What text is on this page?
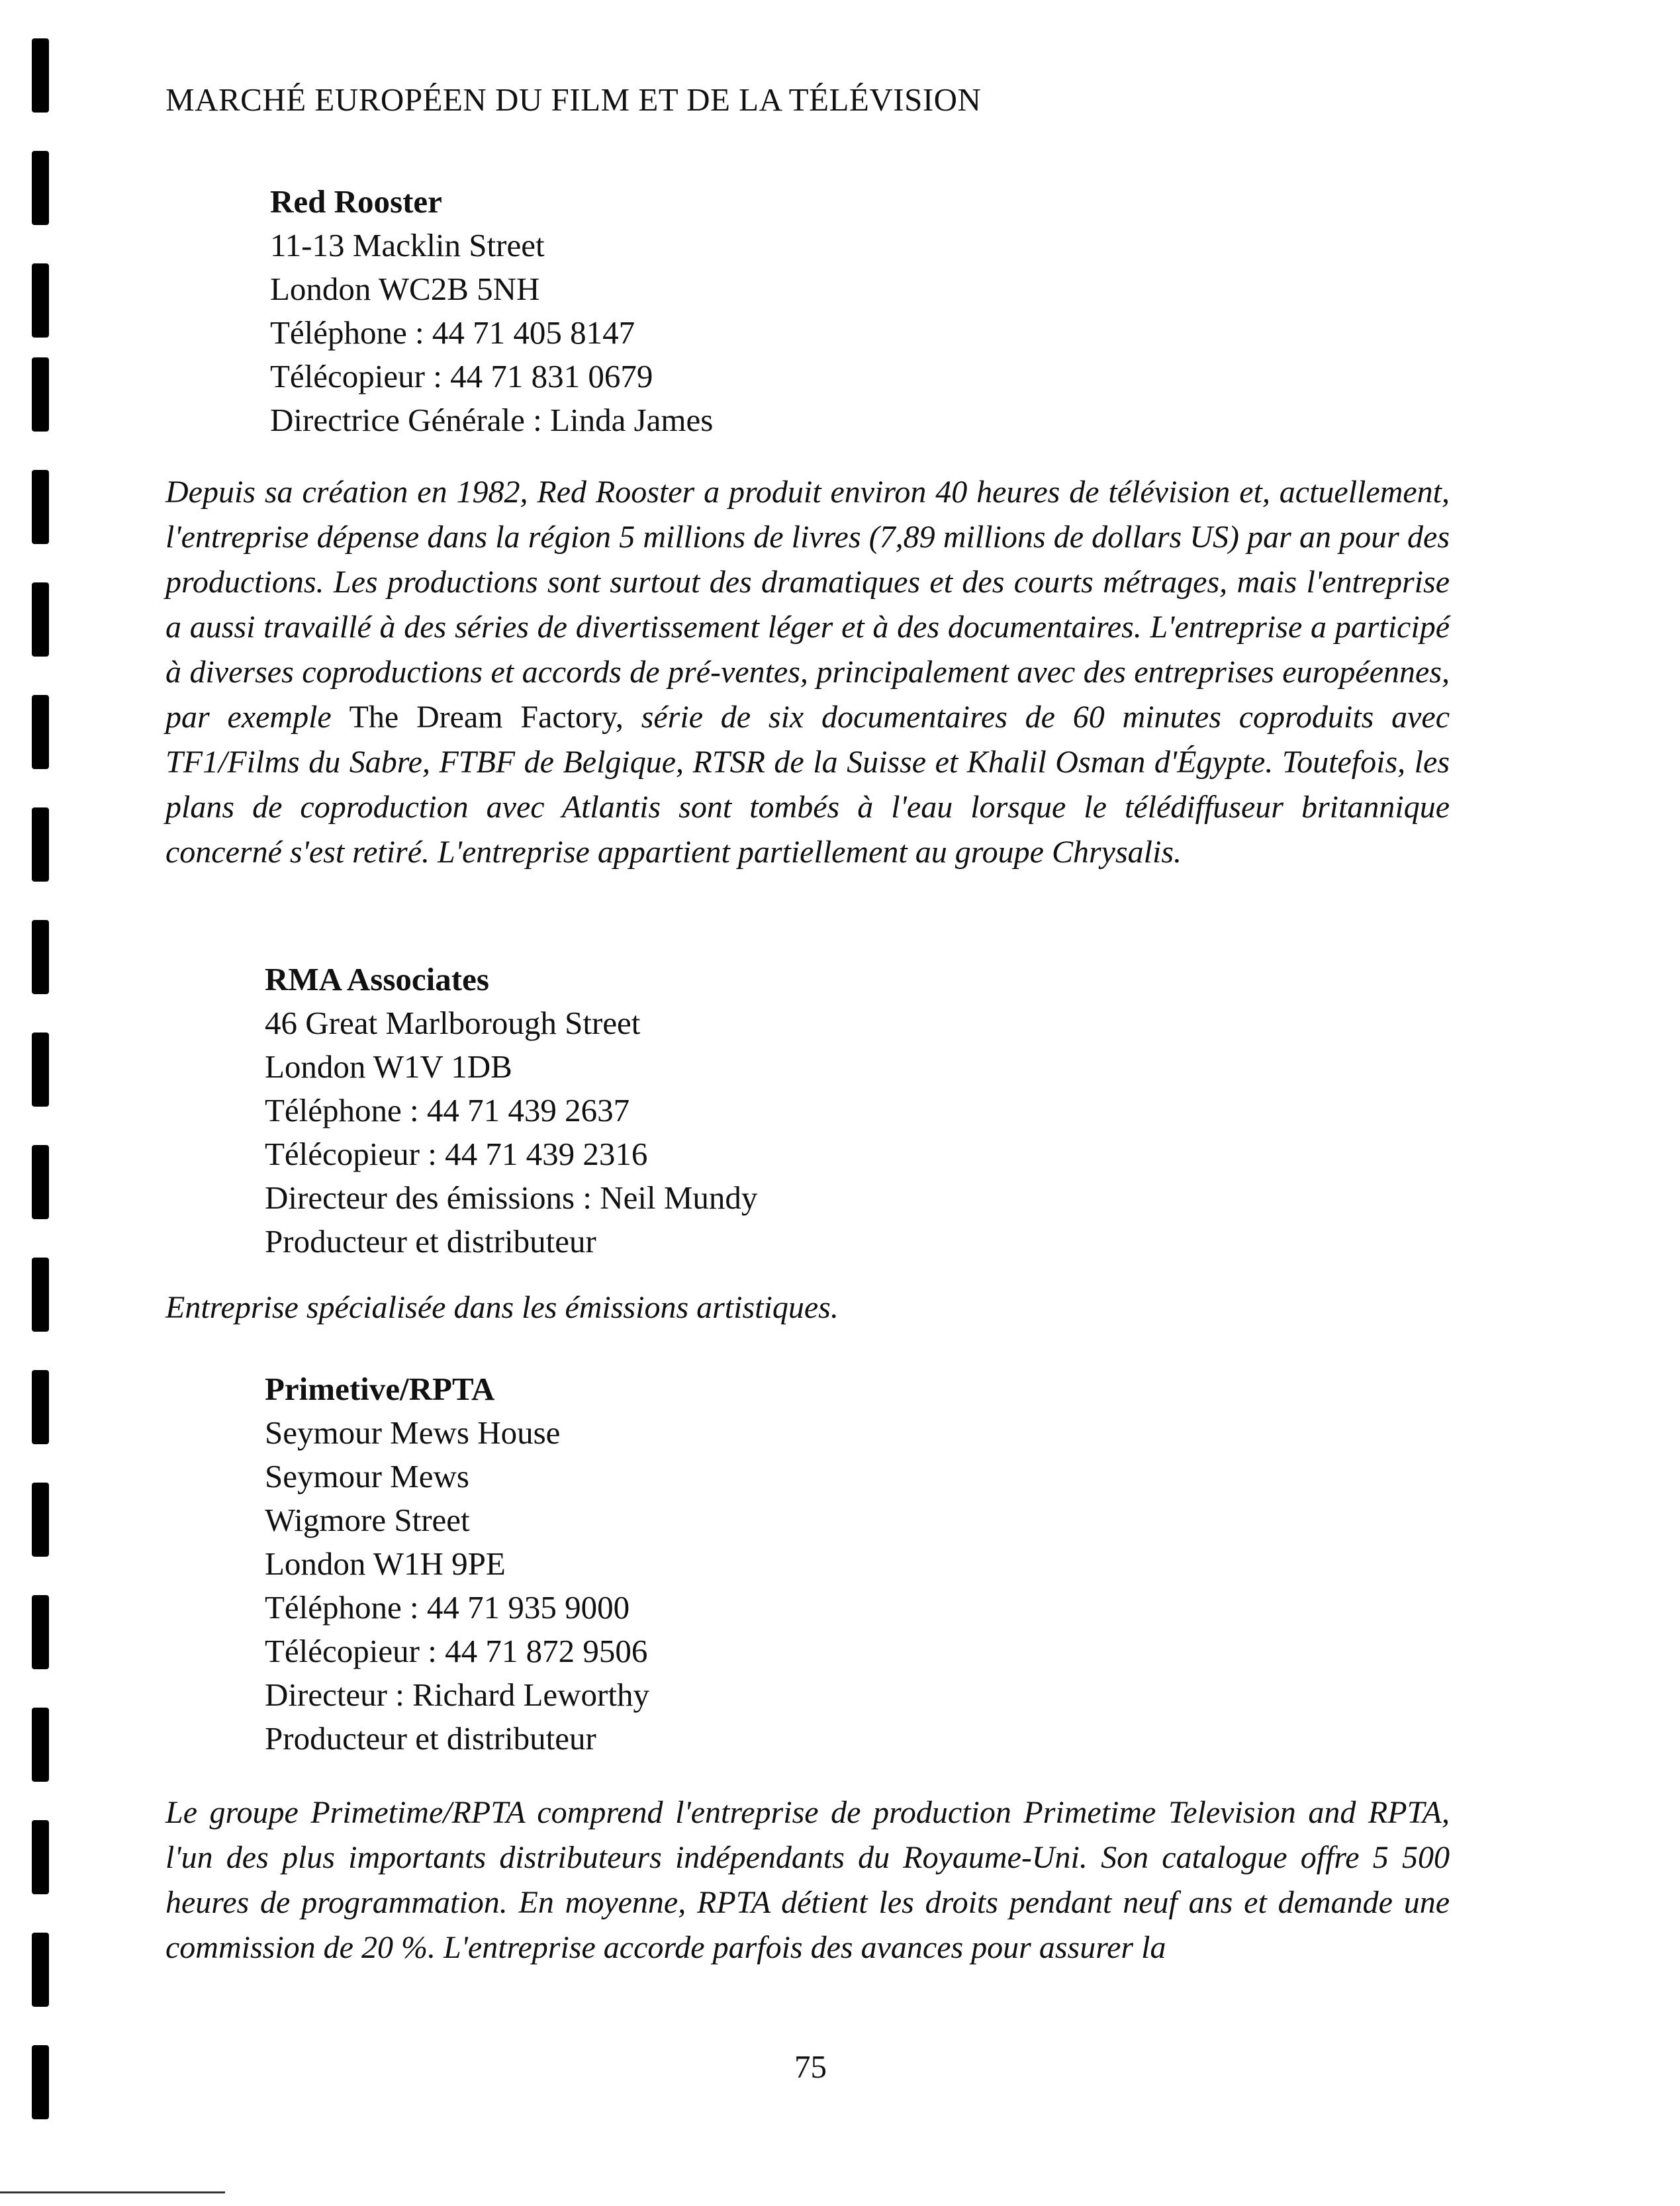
MARCHÉ EUROPÉEN DU FILM ET DE LA TÉLÉVISION
Red Rooster
11-13 Macklin Street
London WC2B 5NH
Téléphone : 44 71 405 8147
Télécopieur : 44 71 831 0679
Directrice Générale : Linda James
Depuis sa création en 1982, Red Rooster a produit environ 40 heures de télévision et, actuellement, l'entreprise dépense dans la région 5 millions de livres (7,89 millions de dollars US) par an pour des productions. Les productions sont surtout des dramatiques et des courts métrages, mais l'entreprise a aussi travaillé à des séries de divertissement léger et à des documentaires. L'entreprise a participé à diverses coproductions et accords de pré-ventes, principalement avec des entreprises européennes, par exemple The Dream Factory, série de six documentaires de 60 minutes coproduits avec TF1/Films du Sabre, FTBF de Belgique, RTSR de la Suisse et Khalil Osman d'Égypte. Toutefois, les plans de coproduction avec Atlantis sont tombés à l'eau lorsque le télédiffuseur britannique concerné s'est retiré. L'entreprise appartient partiellement au groupe Chrysalis.
RMA Associates
46 Great Marlborough Street
London W1V 1DB
Téléphone : 44 71 439 2637
Télécopieur : 44 71 439 2316
Directeur des émissions : Neil Mundy
Producteur et distributeur
Entreprise spécialisée dans les émissions artistiques.
Primetive/RPTA
Seymour Mews House
Seymour Mews
Wigmore Street
London W1H 9PE
Téléphone : 44 71 935 9000
Télécopieur : 44 71 872 9506
Directeur : Richard Leworthy
Producteur et distributeur
Le groupe Primetime/RPTA comprend l'entreprise de production Primetime Television and RPTA, l'un des plus importants distributeurs indépendants du Royaume-Uni. Son catalogue offre 5 500 heures de programmation. En moyenne, RPTA détient les droits pendant neuf ans et demande une commission de 20 %. L'entreprise accorde parfois des avances pour assurer la
75
